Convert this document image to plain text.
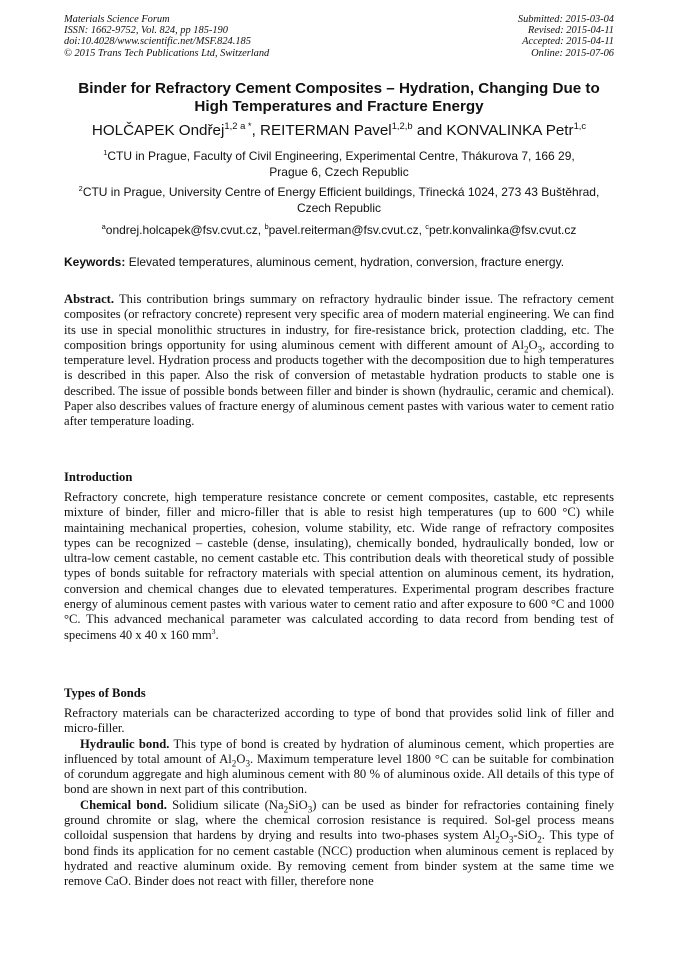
Materials Science Forum
ISSN: 1662-9752, Vol. 824, pp 185-190
doi:10.4028/www.scientific.net/MSF.824.185
© 2015 Trans Tech Publications Ltd, Switzerland
Submitted: 2015-03-04
Revised: 2015-04-11
Accepted: 2015-04-11
Online: 2015-07-06
Binder for Refractory Cement Composites – Hydration, Changing Due to
High Temperatures and Fracture Energy
HOLČAPEK Ondřej$^{1,2 a *}$, REITERMAN Pavel$^{1,2,b}$ and KONVALINKA Petr$^{1,c}$
$^1$CTU in Prague, Faculty of Civil Engineering, Experimental Centre, Thákurova 7, 166 29,
Prague 6, Czech Republic
$^2$CTU in Prague, University Centre of Energy Efficient buildings, Třinecká 1024, 273 43 Buštěhrad,
Czech Republic
$^a$ondrej.holcapek@fsv.cvut.cz, $^b$pavel.reiterman@fsv.cvut.cz, $^c$petr.konvalinka@fsv.cvut.cz
Keywords: Elevated temperatures, aluminous cement, hydration, conversion, fracture energy.

Abstract. This contribution brings summary on refractory hydraulic binder issue. The refractory cement composites (or refractory concrete) represent very specific area of modern material engineering. We can find its use in special monolithic structures in industry, for fire-resistance brick, protection cladding, etc. The composition brings opportunity for using aluminous cement with different amount of $Al_2O_3$, according to temperature level. Hydration process and products together with the decomposition due to high temperatures is described in this paper. Also the risk of conversion of metastable hydration products to stable one is described. The issue of possible bonds between filler and binder is shown (hydraulic, ceramic and chemical). Paper also describes values of fracture energy of aluminous cement pastes with various water to cement ratio after temperature loading.

Introduction

Refractory concrete, high temperature resistance concrete or cement composites, castable, etc represents mixture of binder, filler and micro-filler that is able to resist high temperatures (up to 600 °C) while maintaining mechanical properties, cohesion, volume stability, etc. Wide range of refractory composites types can be recognized – casteble (dense, insulating), chemically bonded, hydraulically bonded, low or ultra-low cement castable, no cement castable etc. This contribution deals with theoretical study of possible types of bonds suitable for refractory materials with special attention on aluminous cement, its hydration, conversion and chemical changes due to elevated temperatures. Experimental program describes fracture energy of aluminous cement pastes with various water to cement ratio and after exposure to 600 °C and 1000 °C. This advanced mechanical parameter was calculated according to data record from bending test of specimens 40 x 40 x 160 $mm^3$.

Types of Bonds

Refractory materials can be characterized according to type of bond that provides solid link of filler and micro-filler.

Hydraulic bond. This type of bond is created by hydration of aluminous cement, which properties are influenced by total amount of $Al_2O_3$. Maximum temperature level 1800 °C can be suitable for combination of corundum aggregate and high aluminous cement with 80 % of aluminous oxide. All details of this type of bond are shown in next part of this contribution.

Chemical bond. Solidium silicate $(Na_2SiO_3)$ can be used as binder for refractories containing finely ground chromite or slag, where the chemical corrosion resistance is required. Sol-gel process means colloidal suspension that hardens by drying and results into two-phases system $Al_2O_3-SiO_2$. This type of bond finds its application for no cement castable (NCC) production when aluminous cement is replaced by hydrated and reactive aluminum oxide. By removing cement from binder system at the same time we remove CaO. Binder does not react with filler, therefore none
